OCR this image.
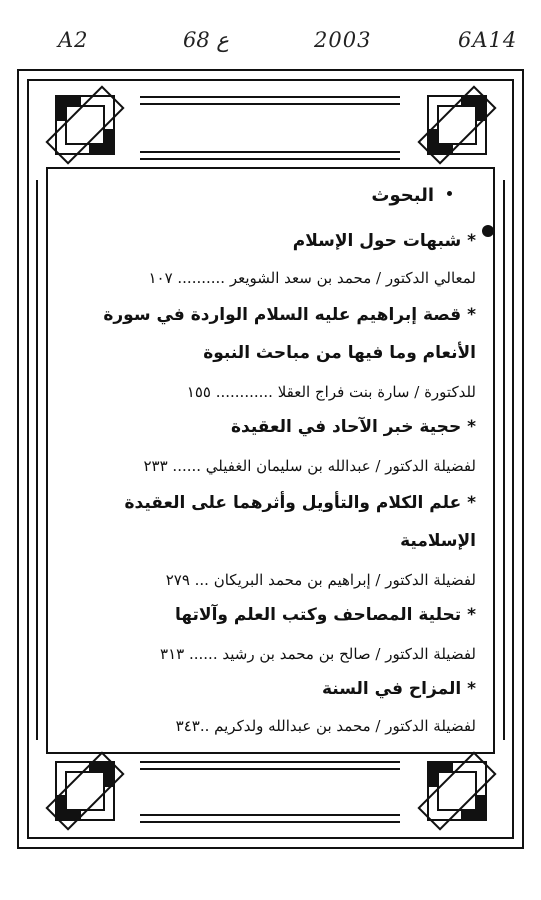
A2	68 ع	2003	6A14
البحوث
* شبهات حول الإسلام
لمعالي الدكتور / محمد بن سعد الشويعر .......... ١٠٧
* قصة إبراهيم عليه السلام الواردة في سورة
الأنعام وما فيها من مباحث النبوة
للدكتورة / سارة بنت فراج العقلا ............ ١٥٥
* حجية خبر الآحاد في العقيدة
لفضيلة الدكتور / عبدالله بن سليمان الغفيلي ...... ٢٣٣
* علم الكلام والتأويل وأثرهما على العقيدة
الإسلامية
لفضيلة الدكتور / إبراهيم بن محمد البريكان ... ٢٧٩
* تحلية المصاحف وكتب العلم وآلاتها
لفضيلة الدكتور / صالح بن محمد بن رشيد ...... ٣١٣
* المزاح في السنة
لفضيلة الدكتور / محمد بن عبدالله ولدكريم ..٣٤٣
